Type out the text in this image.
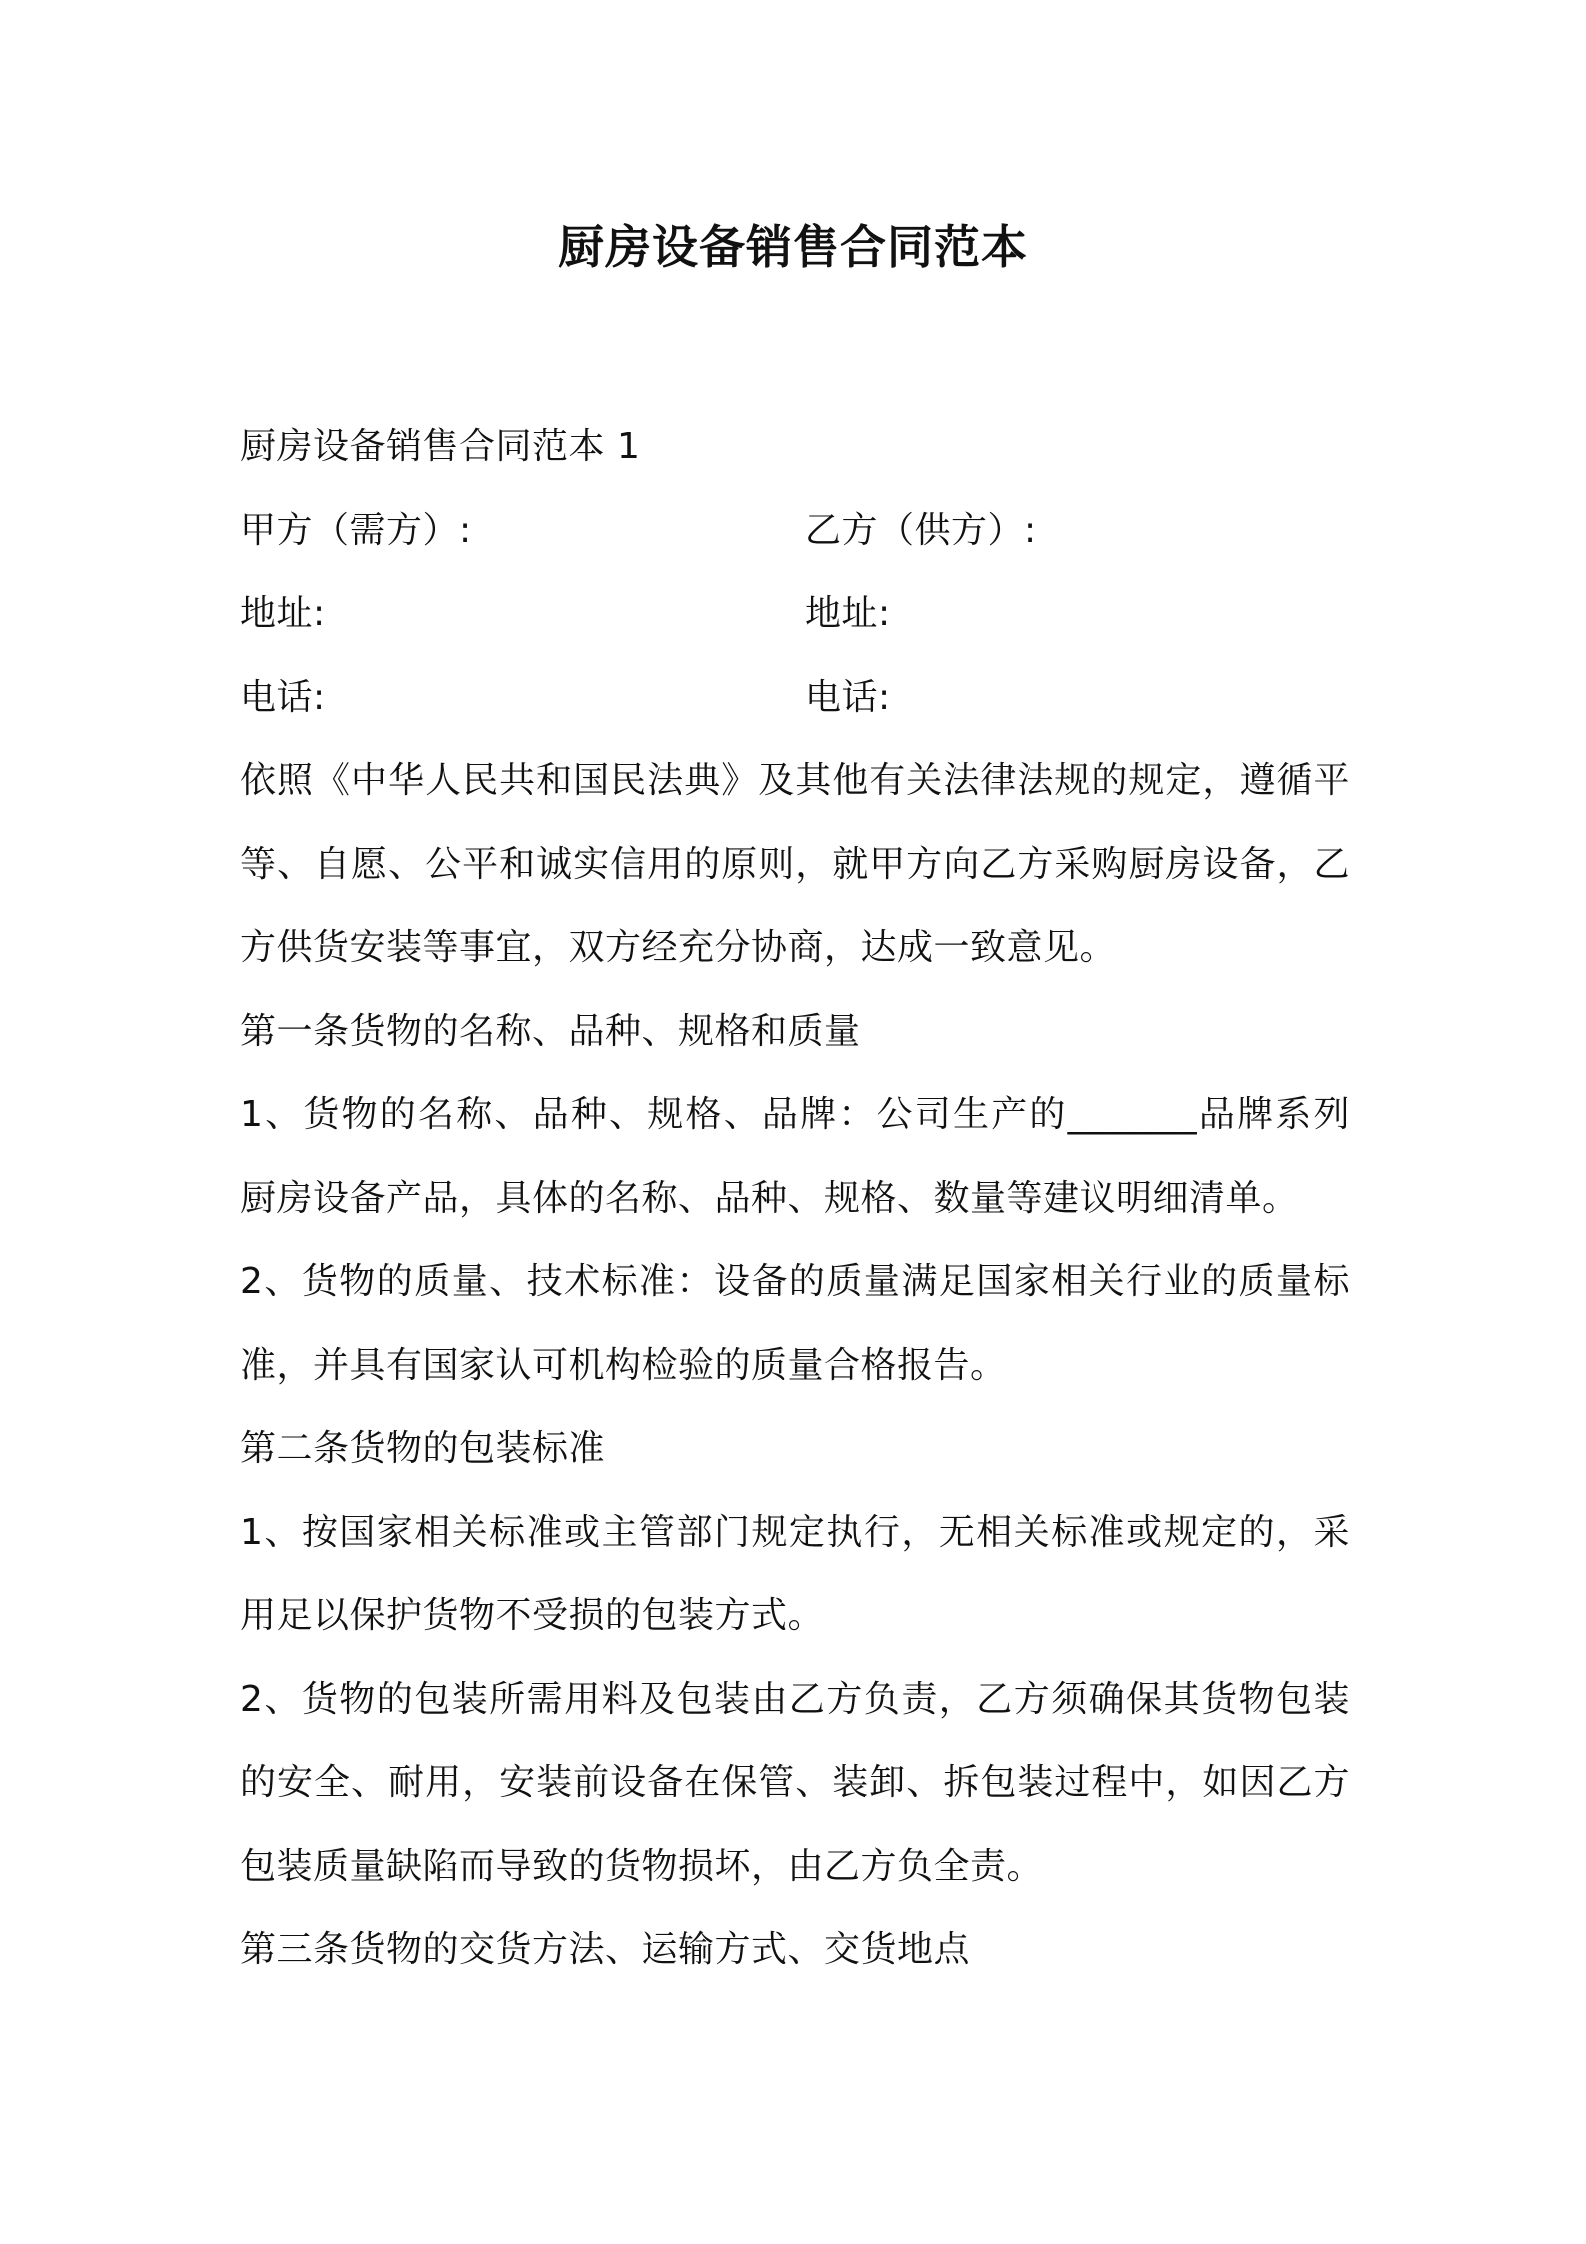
厨房设备销售合同范本

厨房设备销售合同范本 1

甲方（需方）:	乙方（供方）:
地址:	地址:
电话:	电话:

依照《中华人民共和国民法典》及其他有关法律法规的规定，遵循平

等、自愿、公平和诚实信用的原则，就甲方向乙方采购厨房设备，乙

方供货安装等事宜，双方经充分协商，达成一致意见。

第一条货物的名称、品种、规格和质量

1、货物的名称、品种、规格、品牌：公司生产的_______品牌系列

厨房设备产品，具体的名称、品种、规格、数量等建议明细清单。

2、货物的质量、技术标准：设备的质量满足国家相关行业的质量标

准，并具有国家认可机构检验的质量合格报告。

第二条货物的包装标准

1、按国家相关标准或主管部门规定执行，无相关标准或规定的，采

用足以保护货物不受损的包装方式。

2、货物的包装所需用料及包装由乙方负责，乙方须确保其货物包装

的安全、耐用，安装前设备在保管、装卸、拆包装过程中，如因乙方

包装质量缺陷而导致的货物损坏，由乙方负全责。

第三条货物的交货方法、运输方式、交货地点
